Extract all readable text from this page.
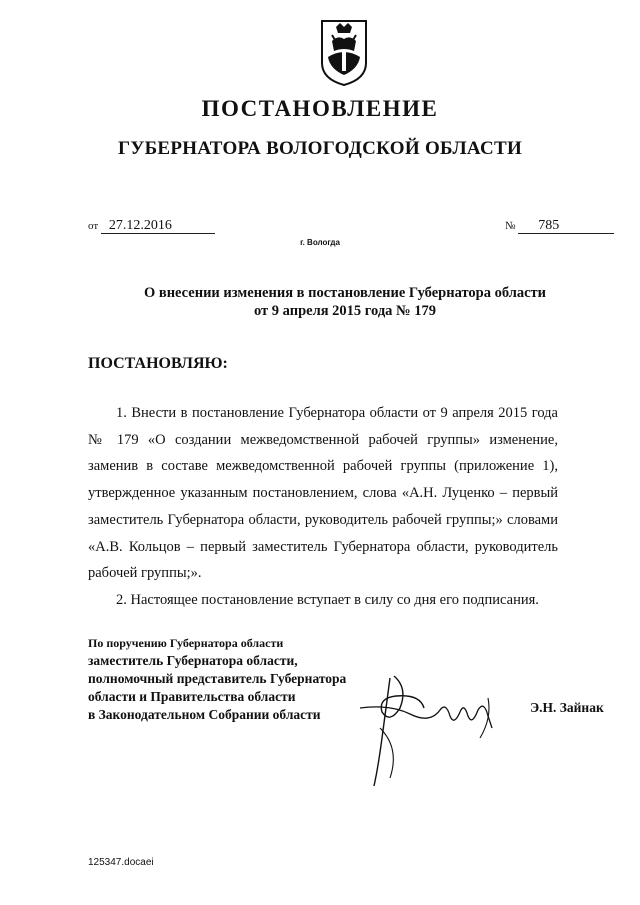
ПОСТАНОВЛЕНИЕ
ГУБЕРНАТОРА ВОЛОГОДСКОЙ ОБЛАСТИ
от 27.12.2016	№ 785
г. Вологда
О внесении изменения в постановление Губернатора области
от 9 апреля 2015 года № 179
ПОСТАНОВЛЯЮ:

1. Внести в постановление Губернатора области от 9 апреля 2015 года № 179 «О создании межведомственной рабочей группы» изменение, заменив в составе межведомственной рабочей группы (приложение 1), утвержденное указанным постановлением, слова «А.Н. Луценко – первый заместитель Губернатора области, руководитель рабочей группы;» словами «А.В. Кольцов – первый заместитель Губернатора области, руководитель рабочей группы;».

2. Настоящее постановление вступает в силу со дня его подписания.

По поручению Губернатора области
заместитель Губернатора области,
полномочный представитель Губернатора
области и Правительства области
в Законодательном Собрании области	Э.Н. Зайнак
125347.docaei
